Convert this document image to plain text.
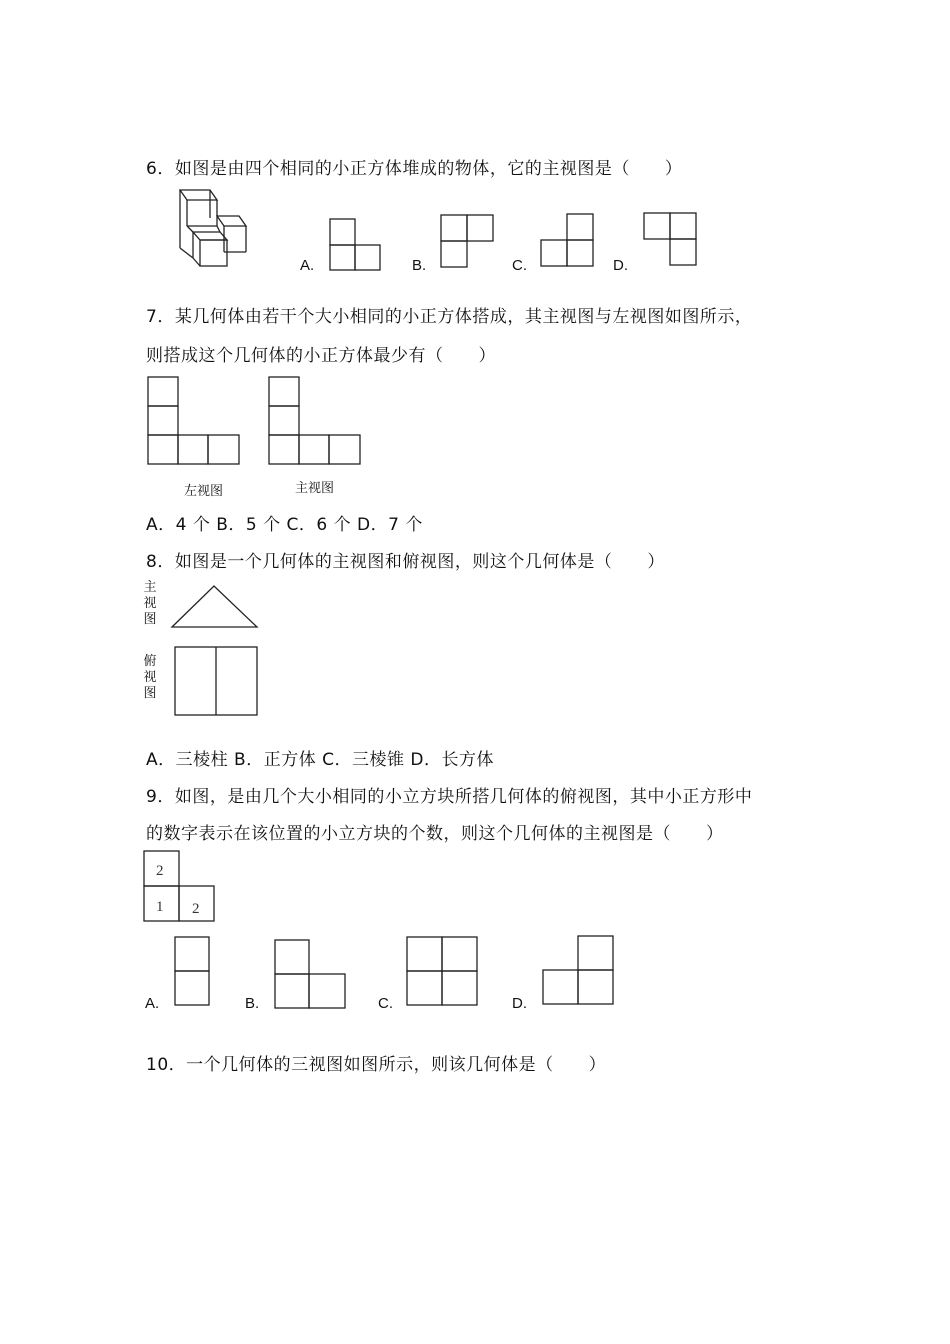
6．如图是由四个相同的小正方体堆成的物体，它的主视图是（　　）
A.	B.	C.	D.
7．某几何体由若干个大小相同的小正方体搭成，其主视图与左视图如图所示，
则搭成这个几何体的小正方体最少有（　　）
左视图	主视图
A．4 个 B．5 个 C．6 个 D．7 个
8．如图是一个几何体的主视图和俯视图，则这个几何体是（　　）
主
视
图
俯
视
图
A．三棱柱 B．正方体 C．三棱锥 D．长方体
9．如图，是由几个大小相同的小立方块所搭几何体的俯视图，其中小正方形中
的数字表示在该位置的小立方块的个数，则这个几何体的主视图是（　　）
2
1 2
A.	B.	C.	D.
10．一个几何体的三视图如图所示，则该几何体是（　　）
